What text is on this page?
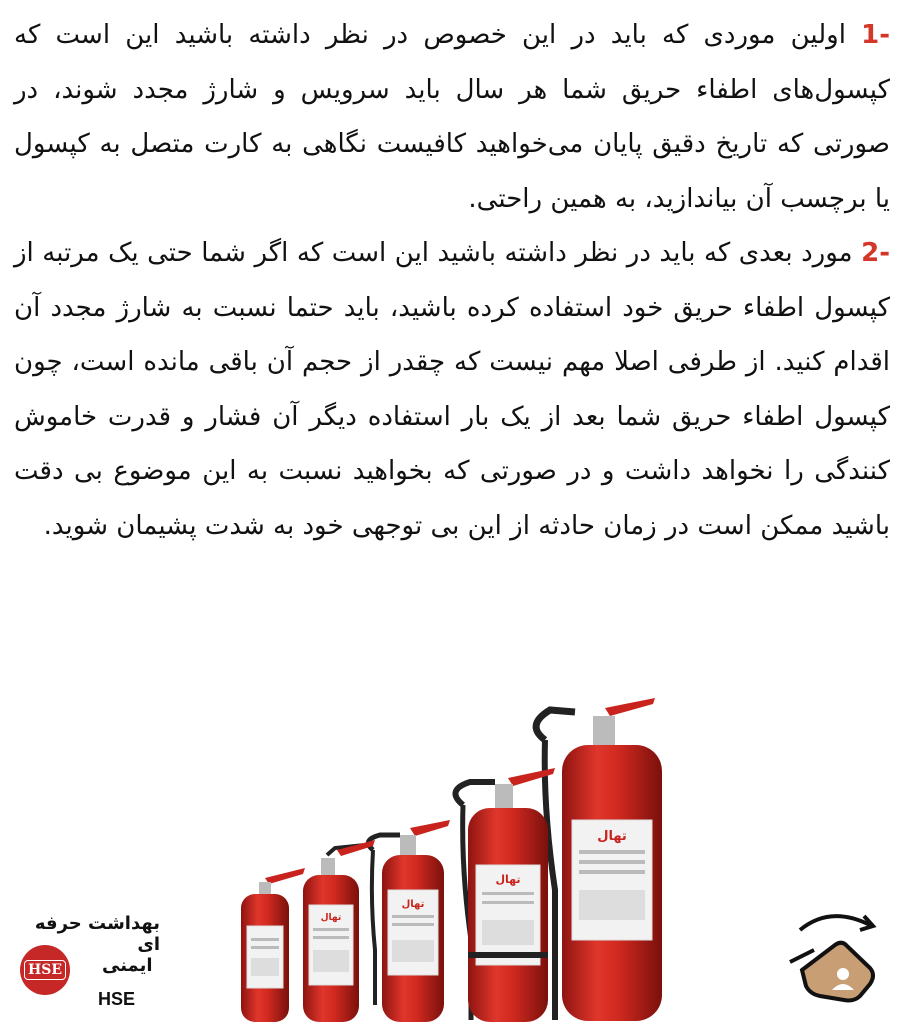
-1 اولین موردی که باید در این خصوص در نظر داشته باشید این است که کپسول‌های اطفاء حریق شما هر سال باید سرویس و شارژ مجدد شوند، در صورتی که تاریخ دقیق پایان می‌خواهید کافیست نگاهی به کارت متصل به کپسول یا برچسب آن بیاندازید، به همین راحتی.

-2 مورد بعدی که باید در نظر داشته باشید این است که اگر شما حتی یک مرتبه از کپسول اطفاء حریق خود استفاده کرده باشید، باید حتما نسبت به شارژ مجدد آن اقدام کنید. از طرفی اصلا مهم نیست که چقدر از حجم آن باقی مانده است، چون کپسول اطفاء حریق شما بعد از یک بار استفاده دیگر آن فشار و قدرت خاموش کنندگی را نخواهد داشت و در صورتی که بخواهید نسبت به این موضوع بی دقت باشید ممکن است در زمان حادثه از این بی توجهی خود به شدت پشیمان شوید.

تهال
تهال
تهال
تهال
بهداشت حرفه ای
HSE ایمنی
HSE
